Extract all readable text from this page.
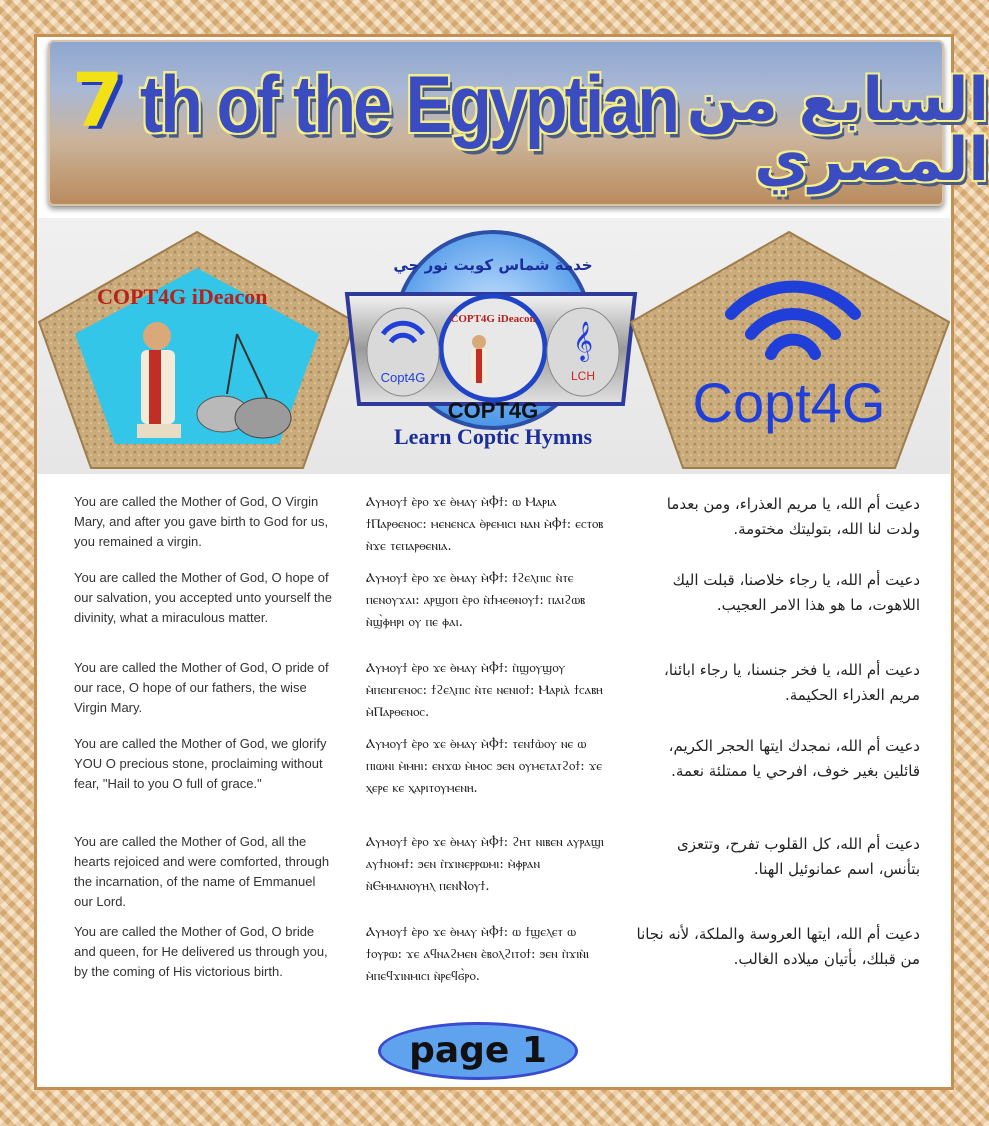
7 th of the Egyptian السابع من المصري
COPT4G iDeacon
خدمة شماس كويت نور جي
COPT4G iDeacon
Copt4G
𝄞
LCH
COPT4G
Learn Coptic Hymns
Copt4G
You are called the Mother of God, O Virgin Mary, and after you gave birth to God for us, you remained a virgin.
Ⲁⲩⲙⲟⲩϯ ⲉ̀ⲣⲟ ϫⲉ ⲑ̀ⲙⲁⲩ ⲙ̀Ⲫϯ: ⲱ Ⲙⲁⲣⲓⲁ ϯⲠⲁⲣⲑⲉⲛⲟⲥ: ⲙⲉⲛⲉⲛⲥⲁ ⲑ̀ⲣⲉⲙⲓⲥⲓ ⲛⲁⲛ ⲙ̀Ⲫϯ: ⲉⲥⲧⲟⲃ ⲛ̀ϫⲉ ⲧⲉⲡⲁⲣⲑⲉⲛⲓⲁ.
دعيت أم الله، يا مريم العذراء، ومن بعدما ولدت لنا الله، بتوليتك مختومة.
You are called the Mother of God, O hope of our salvation, you accepted unto yourself the divinity, what a miraculous matter.
Ⲁⲩⲙⲟⲩϯ ⲉ̀ⲣⲟ ϫⲉ ⲑ̀ⲙⲁⲩ ⲙ̀Ⲫϯ: ϯϩⲉⲗⲡⲓⲥ ⲛ̀ⲧⲉ ⲡⲉⲛⲟⲩϫⲁⲓ: ⲁⲣϣⲟⲡ ⲉ̀ⲣⲟ ⲛ̀ϯⲙⲉⲑⲛⲟⲩϯ: ⲡⲁⲓϩⲱⲃ ⲛ̀ϣ̀ⲫⲏⲣⲓ ⲟⲩ ⲡⲉ ⲫⲁⲓ.
دعيت أم الله، يا رجاء خلاصنا، قبلت اليك اللاهوت، ما هو هذا الامر العجيب.
You are called the Mother of God, O pride of our race, O hope of our fathers, the wise Virgin Mary.
Ⲁⲩⲙⲟⲩϯ ⲉ̀ⲣⲟ ϫⲉ ⲑ̀ⲙⲁⲩ ⲙ̀Ⲫϯ: ⲡ̀ϣⲟⲩϣⲟⲩ ⲙ̀ⲡⲉⲛⲅⲉⲛⲟⲥ: ϯϩⲉⲗⲡⲓⲥ ⲛ̀ⲧⲉ ⲛⲉⲛⲓⲟϯ: Ⲙⲁⲣⲓⲁ̀ ϯⲥⲁⲃⲏ ⲙ̀Ⲡⲁⲣⲑⲉⲛⲟⲥ.
دعيت أم الله، يا فخر جنسنا، يا رجاء ابائنا، مريم العذراء الحكيمة.
You are called the Mother of God, we glorify YOU O precious stone, proclaiming without fear, "Hail to you O full of grace."
Ⲁⲩⲙⲟⲩϯ ⲉ̀ⲣⲟ ϫⲉ ⲑ̀ⲙⲁⲩ ⲙ̀Ⲫϯ: ⲧⲉⲛϯⲱ̀ⲟⲩ ⲛⲉ ⲱ ⲡⲓⲱⲛⲓ ⲙ̀ⲙⲏⲓ: ⲉⲛϫⲱ ⲙ̀ⲙⲟⲥ ϧⲉⲛ ⲟⲩⲙⲉⲧⲁⲧϩⲟϯ: ϫⲉ ⲭⲉⲣⲉ ⲕⲉ ⲭⲁⲣⲓⲧⲟⲩⲙⲉⲛⲏ.
دعيت أم الله، نمجدك ايتها الحجر الكريم، قائلين بغير خوف، افرحي يا ممتلئة نعمة.
You are called the Mother of God, all the hearts rejoiced and were comforted, through the incarnation, of the name of Emmanuel our Lord.
Ⲁⲩⲙⲟⲩϯ ⲉ̀ⲣⲟ ϫⲉ ⲑ̀ⲙⲁⲩ ⲙ̀Ⲫϯ: ϩⲏⲧ ⲛⲓⲃⲉⲛ ⲁⲩⲣⲁϣⲓ ⲁⲩϯⲛⲟⲙϯ: ϧⲉⲛ ⲡ̀ϫⲓⲛⲉⲣⲣⲱⲙⲓ: ⲙ̀ⲫⲣⲁⲛ ⲛ̀Ⲉⲙⲙⲁⲛⲟⲩⲏⲗ ⲡⲉⲛⲚⲟⲩϯ.
دعيت أم الله، كل القلوب تفرح، وتتعزى بتأنس، اسم عمانوئيل الهنا.
You are called the Mother of God, O bride and queen, for He delivered us through you, by the coming of His victorious birth.
Ⲁⲩⲙⲟⲩϯ ⲉ̀ⲣⲟ ϫⲉ ⲑ̀ⲙⲁⲩ ⲙ̀Ⲫϯ: ⲱ ϯϣⲉⲗⲉⲧ ⲱ ϯⲟⲩⲣⲱ: ϫⲉ ⲁϥⲛⲁϩⲙⲉⲛ ⲉ̀ⲃⲟⲗϩⲓⲧⲟϯ: ϧⲉⲛ ⲡ̀ϫⲓⲛ̀ⲓ ⲙ̀ⲡⲉϥϫⲓⲛⲙⲓⲥⲓ ⲛ̀ⲣⲉϥϭ̀ⲣⲟ.
دعيت أم الله، ايتها العروسة والملكة، لأنه نجانا من قبلك، بأتيان ميلاده الغالب.
page 1
